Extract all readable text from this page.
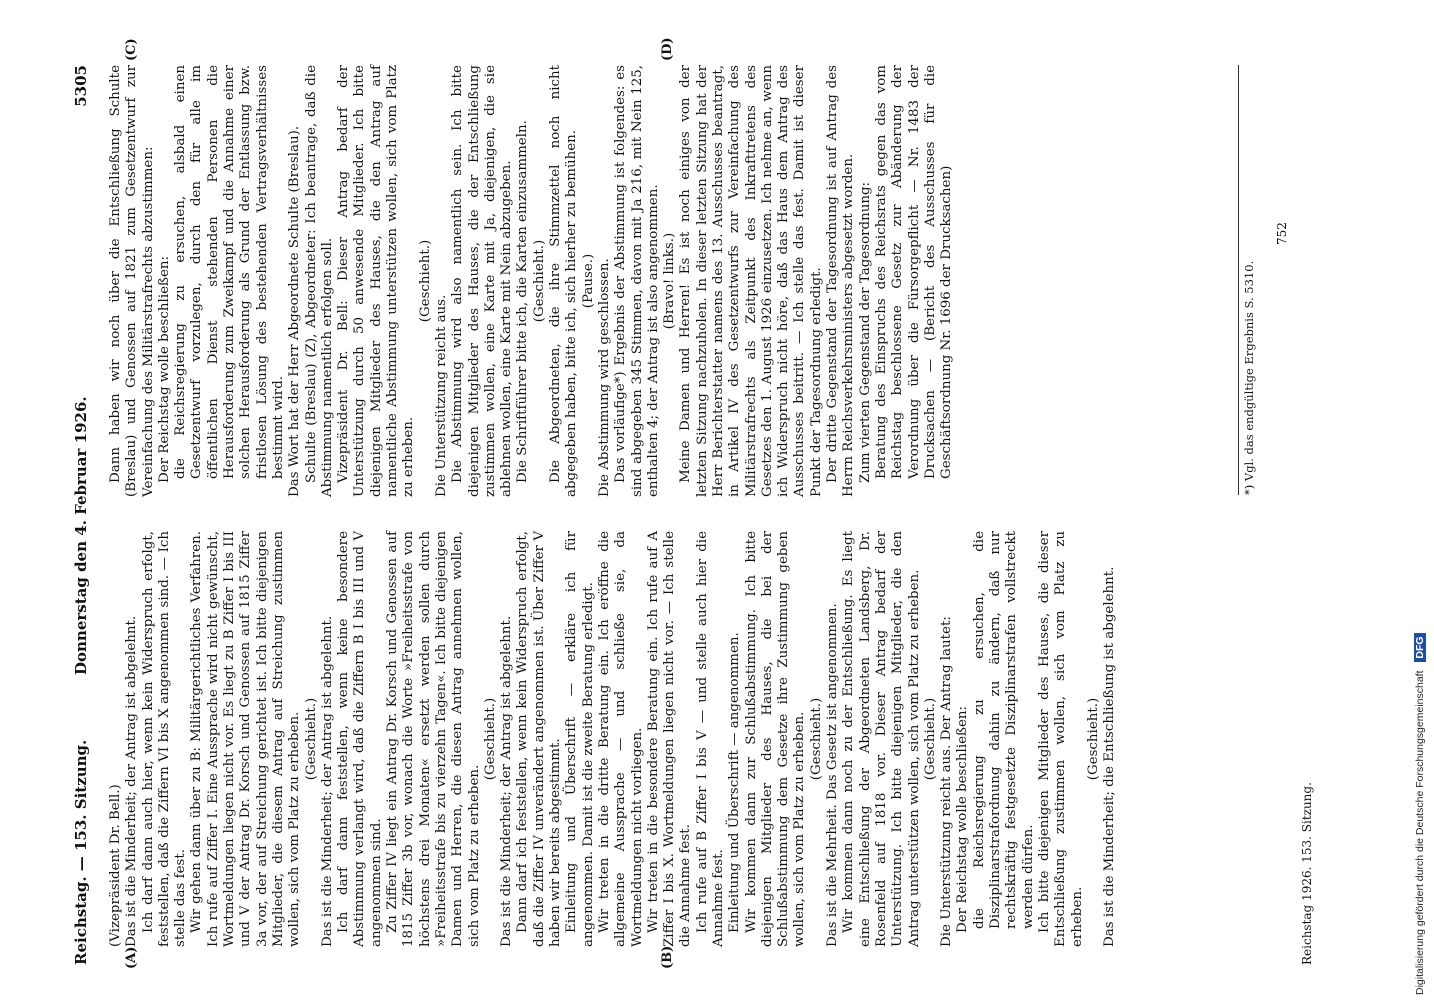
Reichstag. — 153. Sitzung.
Donnerstag den 4. Februar 1926.
5305
(A)	(B)
(C)	(D)

(Vizepräsident Dr. Bell.) Das ist die Minderheit; der Antrag ist abgelehnt. Ich darf dann auch hier, wenn kein Widerspruch erfolgt, feststellen, daß die Ziffern VI bis X angenommen sind. — Ich stelle das fest. Wir gehen dann über zu B: Militärgerichtliches Verfahren. Ich rufe auf Ziffer I. Eine Aussprache wird nicht gewünscht, Wortmeldungen liegen nicht vor. Es liegt zu B Ziffer I bis III und V der Antrag Dr. Korsch und Genossen auf 1815 Ziffer 3a vor, der auf Streichung gerichtet ist. Ich bitte diejenigen Mitglieder, die diesem Antrag auf Streichung zustimmen wollen, sich vom Platz zu erheben. (Geschieht.) Das ist die Minderheit; der Antrag ist abgelehnt. Ich darf dann feststellen, wenn keine besondere Abstimmung verlangt wird, daß die Ziffern B I bis III und V angenommen sind. Zu Ziffer IV liegt ein Antrag Dr. Korsch und Genossen auf 1815 Ziffer 3b vor, wonach die Worte »Freiheitsstrafe von höchstens drei Monaten« ersetzt werden sollen durch »Freiheitsstrafe bis zu vierzehn Tagen«. Ich bitte diejenigen Damen und Herren, die diesen Antrag annehmen wollen, sich vom Platz zu erheben.

(Geschieht.) Das ist die Minderheit; der Antrag ist abgelehnt. Dann darf ich feststellen, wenn kein Widerspruch erfolgt, daß die Ziffer IV unverändert angenommen ist. Über Ziffer V haben wir bereits abgestimmt. Einleitung und Überschrift — erkläre ich für angenommen. Damit ist die zweite Beratung erledigt. Wir treten in die dritte Beratung ein. Ich eröffne die allgemeine Aussprache — und schließe sie, da Wortmeldungen nicht vorliegen. Wir treten in die besondere Beratung ein. Ich rufe auf A Ziffer I bis X. Wortmeldungen liegen nicht vor. — Ich stelle die Annahme fest. Ich rufe auf B Ziffer I bis V — und stelle auch hier die Annahme fest. Einleitung und Überschrift — angenommen. Wir kommen dann zur Schlußabstimmung. Ich bitte diejenigen Mitglieder des Hauses, die bei der Schlußabstimmung dem Gesetze ihre Zustimmung geben wollen, sich vom Platz zu erheben. (Geschieht.) Das ist die Mehrheit. Das Gesetz ist angenommen. Wir kommen dann noch zu der Entschließung. Es liegt eine Entschließung der Abgeordneten Landsberg, Dr. Rosenfeld auf 1818 vor. Dieser Antrag bedarf der Unterstützung. Ich bitte diejenigen Mitglieder, die den Antrag unterstützen wollen, sich vom Platz zu erheben. (Geschieht.) Die Unterstützung reicht aus. Der Antrag lautet: Der Reichstag wolle beschließen: die Reichsregierung zu ersuchen, die Disziplinarstrafordnung dahin zu ändern, daß nur rechtskräftig festgesetzte Disziplinarstrafen vollstreckt werden dürfen. Ich bitte diejenigen Mitglieder des Hauses, die dieser Entschließung zustimmen wollen, sich vom Platz zu erheben.

(Geschieht.) Das ist die Minderheit; die Entschließung ist abgelehnt.

Dann haben wir noch über die Entschließung Schulte (Breslau) und Genossen auf 1821 zum Gesetzentwurf zur Vereinfachung des Militärstrafrechts abzustimmen: Der Reichstag wolle beschließen: die Reichsregierung zu ersuchen, alsbald einen Gesetzentwurf vorzulegen, durch den für alle im öffentlichen Dienst stehenden Personen die Herausforderung zum Zweikampf und die Annahme einer solchen Herausforderung als Grund der Entlassung bzw. fristlosen Lösung des bestehenden Vertragsverhältnisses bestimmt wird. Das Wort hat der Herr Abgeordnete Schulte (Breslau). Schulte (Breslau) (Z), Abgeordneter: Ich beantrage, daß die Abstimmung namentlich erfolgen soll. Vizepräsident Dr. Bell: Dieser Antrag bedarf der Unterstützung durch 50 anwesende Mitglieder. Ich bitte diejenigen Mitglieder des Hauses, die den Antrag auf namentliche Abstimmung unterstützen wollen, sich vom Platz zu erheben.

(Geschieht.)

Die Unterstützung reicht aus. Die Abstimmung wird also namentlich sein. Ich bitte diejenigen Mitglieder des Hauses, die der Entschließung zustimmen wollen, eine Karte mit Ja, diejenigen, die sie ablehnen wollen, eine Karte mit Nein abzugeben. Die Schriftführer bitte ich, die Karten einzusammeln. (Geschieht.) Die Abgeordneten, die ihre Stimmzettel noch nicht abgegeben haben, bitte ich, sich hierher zu bemühen. (Pause.) Die Abstimmung wird geschlossen. Das vorläufige*) Ergebnis der Abstimmung ist folgendes: es sind abgegeben 345 Stimmen, davon mit Ja 216, mit Nein 125, enthalten 4; der Antrag ist also angenommen. (Bravo! links.) Meine Damen und Herren! Es ist noch einiges von der letzten Sitzung nachzuholen. In dieser letzten Sitzung hat der Herr Berichterstatter namens des 13. Ausschusses beantragt, in Artikel IV des Gesetzentwurfs zur Vereinfachung des Militärstrafrechts als Zeitpunkt des Inkrafttretens des Gesetzes den 1. August 1926 einzusetzen. Ich nehme an, wenn ich Widerspruch nicht höre, daß das Haus dem Antrag des Ausschusses beitritt. — Ich stelle das fest. Damit ist dieser Punkt der Tagesordnung erledigt. Der dritte Gegenstand der Tagesordnung ist auf Antrag des Herrn Reichsverkehrsministers abgesetzt worden. Zum vierten Gegenstand der Tagesordnung: Beratung des Einspruchs des Reichsrats gegen das vom Reichstag beschlossene Gesetz zur Abänderung der Verordnung über die Fürsorgepflicht — Nr. 1483 der Drucksachen — (Bericht des Ausschusses für die Geschäftsordnung Nr. 1696 der Drucksachen)	*) Vgl. das endgültige Ergebnis S. 5310.
752
Reichstag 1926. 153. Sitzung.	Digitalisierung gefördert durch die Deutsche Forschungsgemeinschaft DFG
